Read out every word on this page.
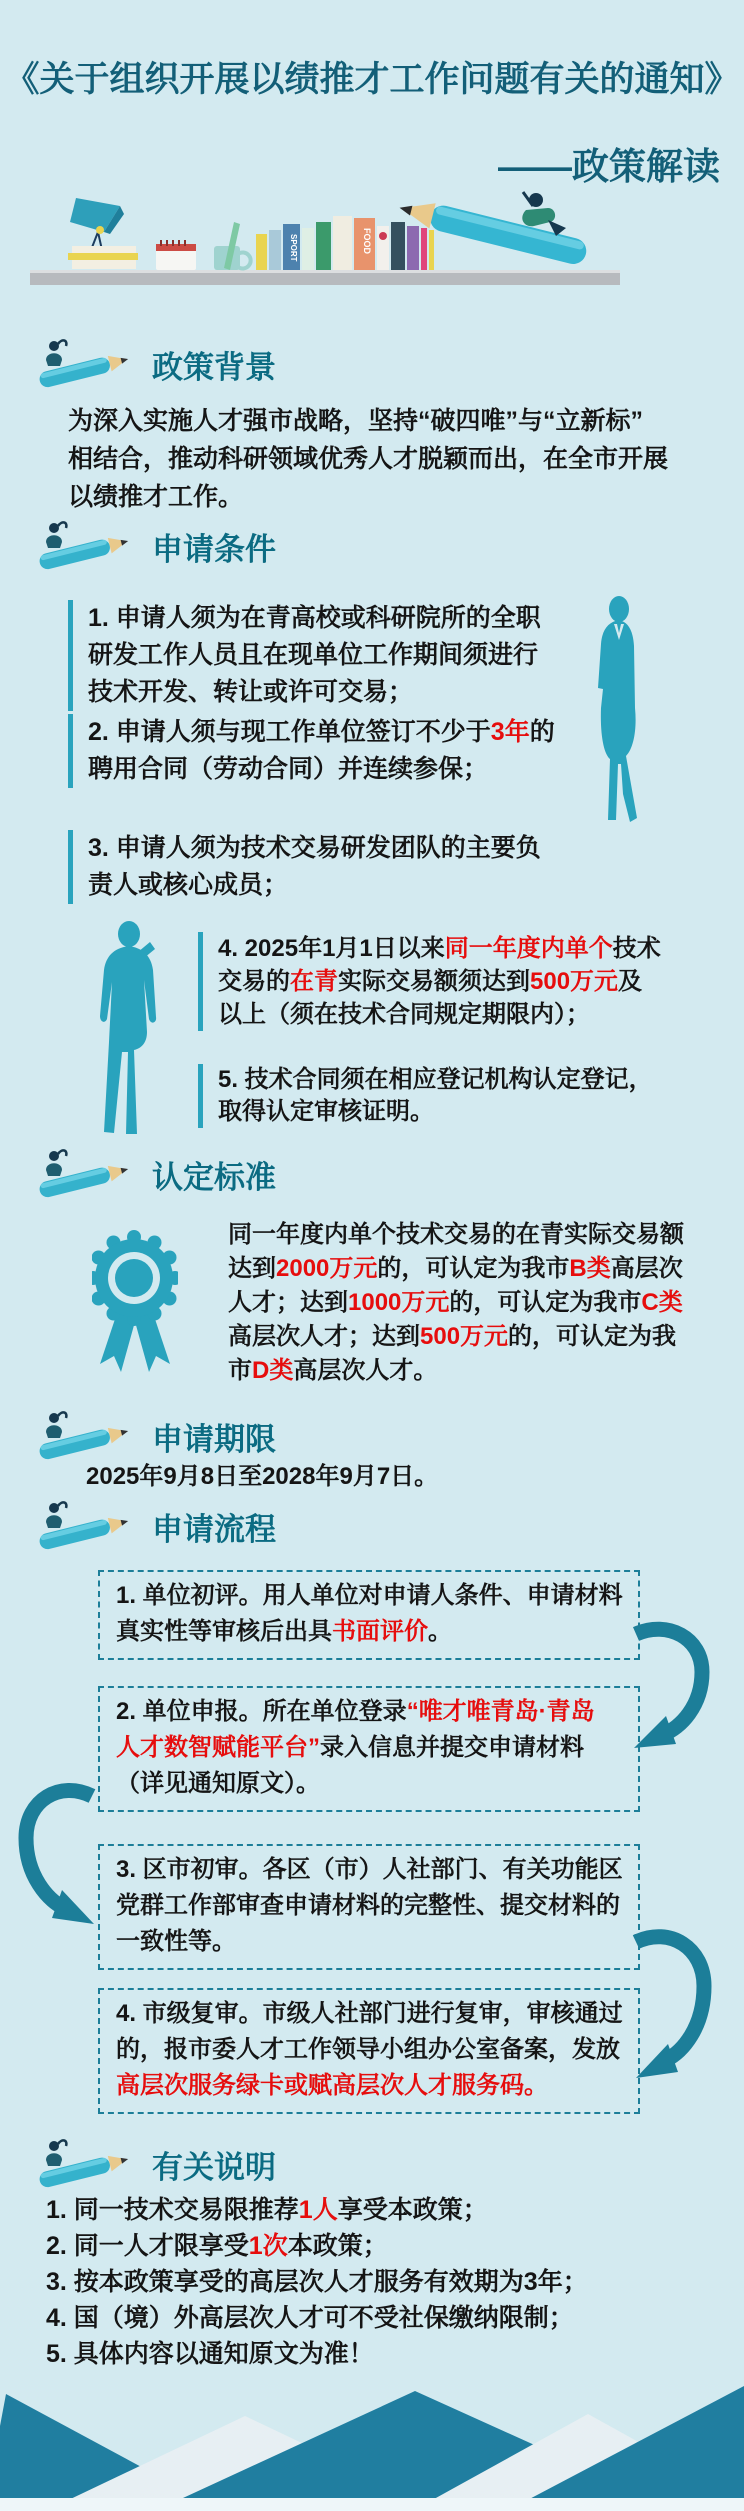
《关于组织开展以绩推才工作问题有关的通知》
——政策解读
SPORT	FOOD
政策背景
为深入实施人才强市战略，坚持“破四唯”与“立新标”
相结合，推动科研领域优秀人才脱颖而出，在全市开展
以绩推才工作。
申请条件
1. 申请人须为在青高校或科研院所的全职
研发工作人员且在现单位工作期间须进行
技术开发、转让或许可交易；
2. 申请人须与现工作单位签订不少于3年的
聘用合同（劳动合同）并连续参保；
3. 申请人须为技术交易研发团队的主要负
责人或核心成员；
4. 2025年1月1日以来同一年度内单个技术
交易的在青实际交易额须达到500万元及
以上（须在技术合同规定期限内）；
5. 技术合同须在相应登记机构认定登记，
取得认定审核证明。
认定标准
同一年度内单个技术交易的在青实际交易额
达到2000万元的，可认定为我市B类高层次
人才；达到1000万元的，可认定为我市C类
高层次人才；达到500万元的，可认定为我
市D类高层次人才。
申请期限
2025年9月8日至2028年9月7日。
申请流程
1. 单位初评。用人单位对申请人条件、申请材料
真实性等审核后出具书面评价。
2. 单位申报。所在单位登录“唯才唯青岛·青岛
人才数智赋能平台”录入信息并提交申请材料
（详见通知原文）。
3. 区市初审。各区（市）人社部门、有关功能区
党群工作部审查申请材料的完整性、提交材料的
一致性等。
4. 市级复审。市级人社部门进行复审，审核通过
的，报市委人才工作领导小组办公室备案，发放
高层次服务绿卡或赋高层次人才服务码。
有关说明
1. 同一技术交易限推荐1人享受本政策；
2. 同一人才限享受1次本政策；
3. 按本政策享受的高层次人才服务有效期为3年；
4. 国（境）外高层次人才可不受社保缴纳限制；
5. 具体内容以通知原文为准！
